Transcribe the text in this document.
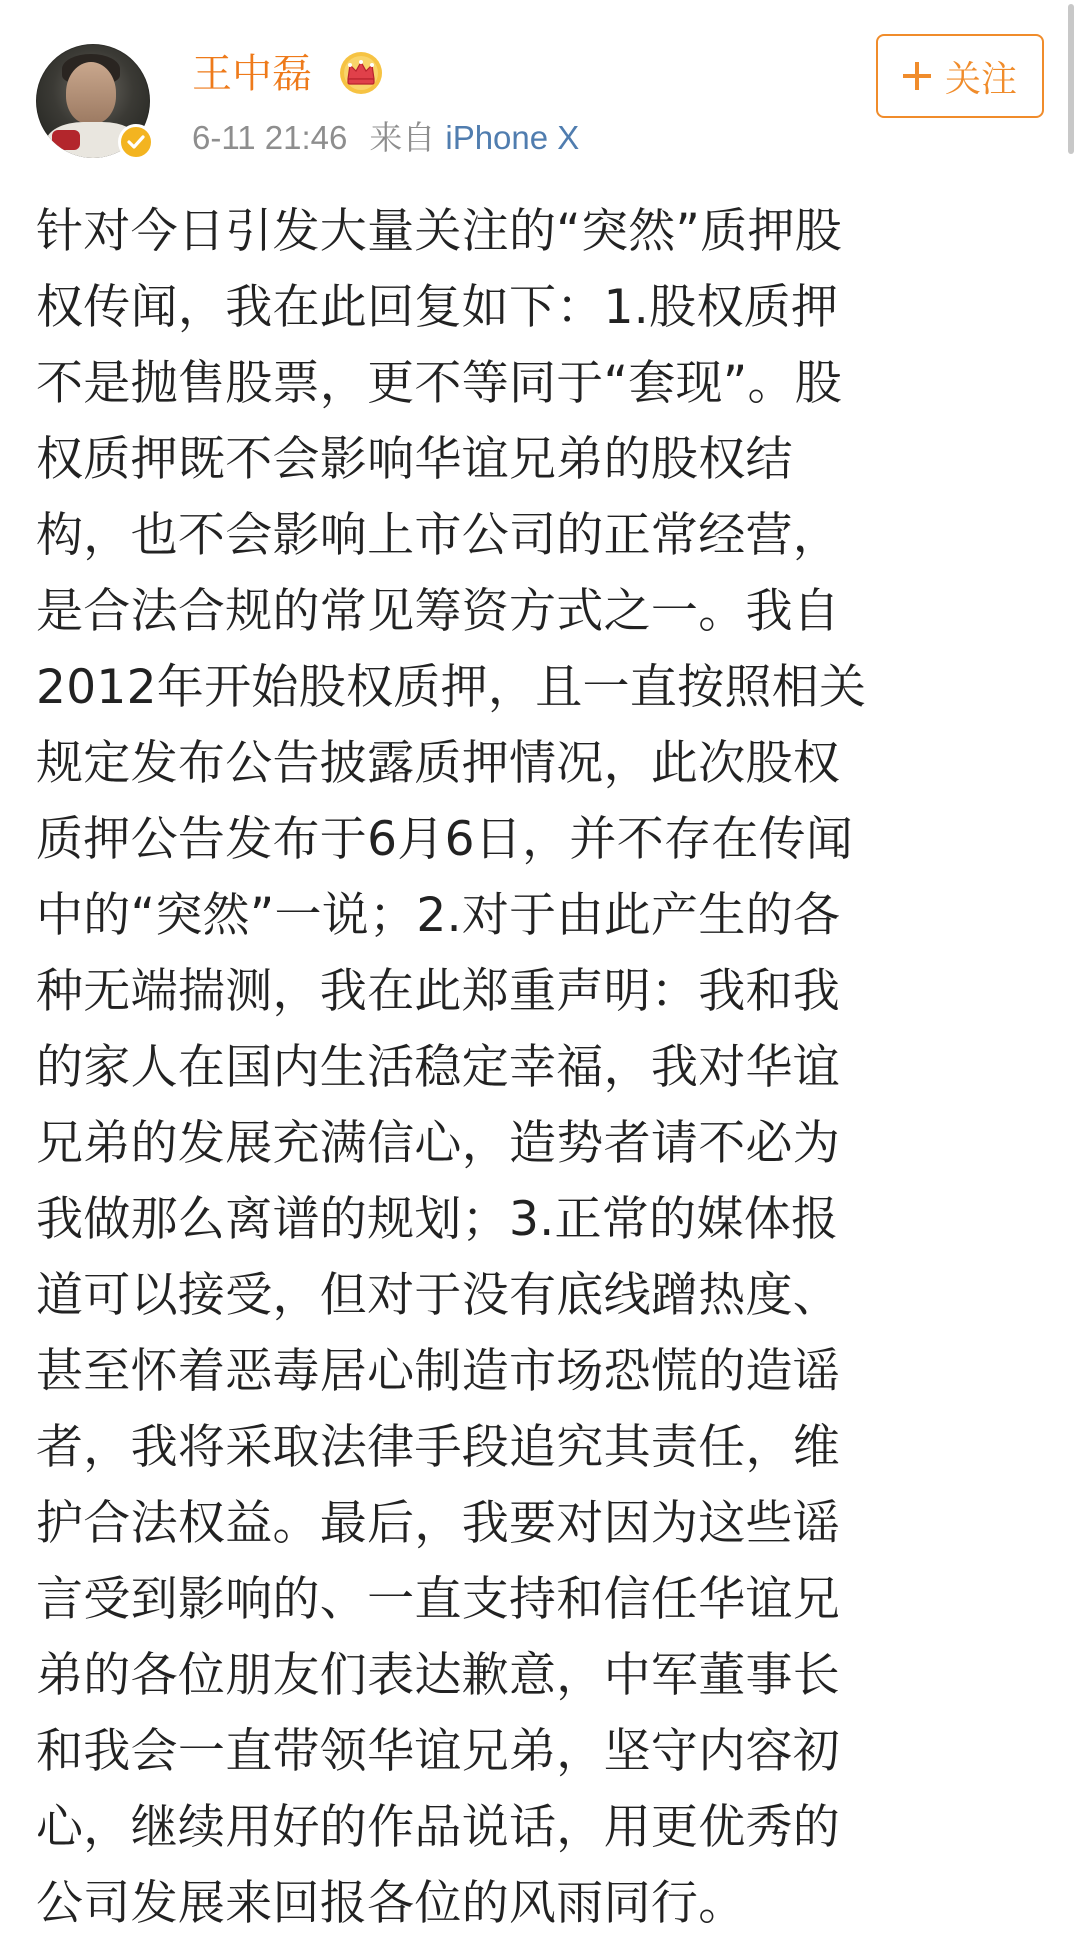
王中磊
6-11 21:46 来自 iPhone X
关注
针对今日引发大量关注的“突然”质押股
权传闻，我在此回复如下：1.股权质押
不是抛售股票，更不等同于“套现”。股
权质押既不会影响华谊兄弟的股权结
构，也不会影响上市公司的正常经营，
是合法合规的常见筹资方式之一。我自
2012年开始股权质押，且一直按照相关
规定发布公告披露质押情况，此次股权
质押公告发布于6月6日，并不存在传闻
中的“突然”一说；2.对于由此产生的各
种无端揣测，我在此郑重声明：我和我
的家人在国内生活稳定幸福，我对华谊
兄弟的发展充满信心，造势者请不必为
我做那么离谱的规划；3.正常的媒体报
道可以接受，但对于没有底线蹭热度、
甚至怀着恶毒居心制造市场恐慌的造谣
者，我将采取法律手段追究其责任，维
护合法权益。最后，我要对因为这些谣
言受到影响的、一直支持和信任华谊兄
弟的各位朋友们表达歉意，中军董事长
和我会一直带领华谊兄弟，坚守内容初
心，继续用好的作品说话，用更优秀的
公司发展来回报各位的风雨同行。
